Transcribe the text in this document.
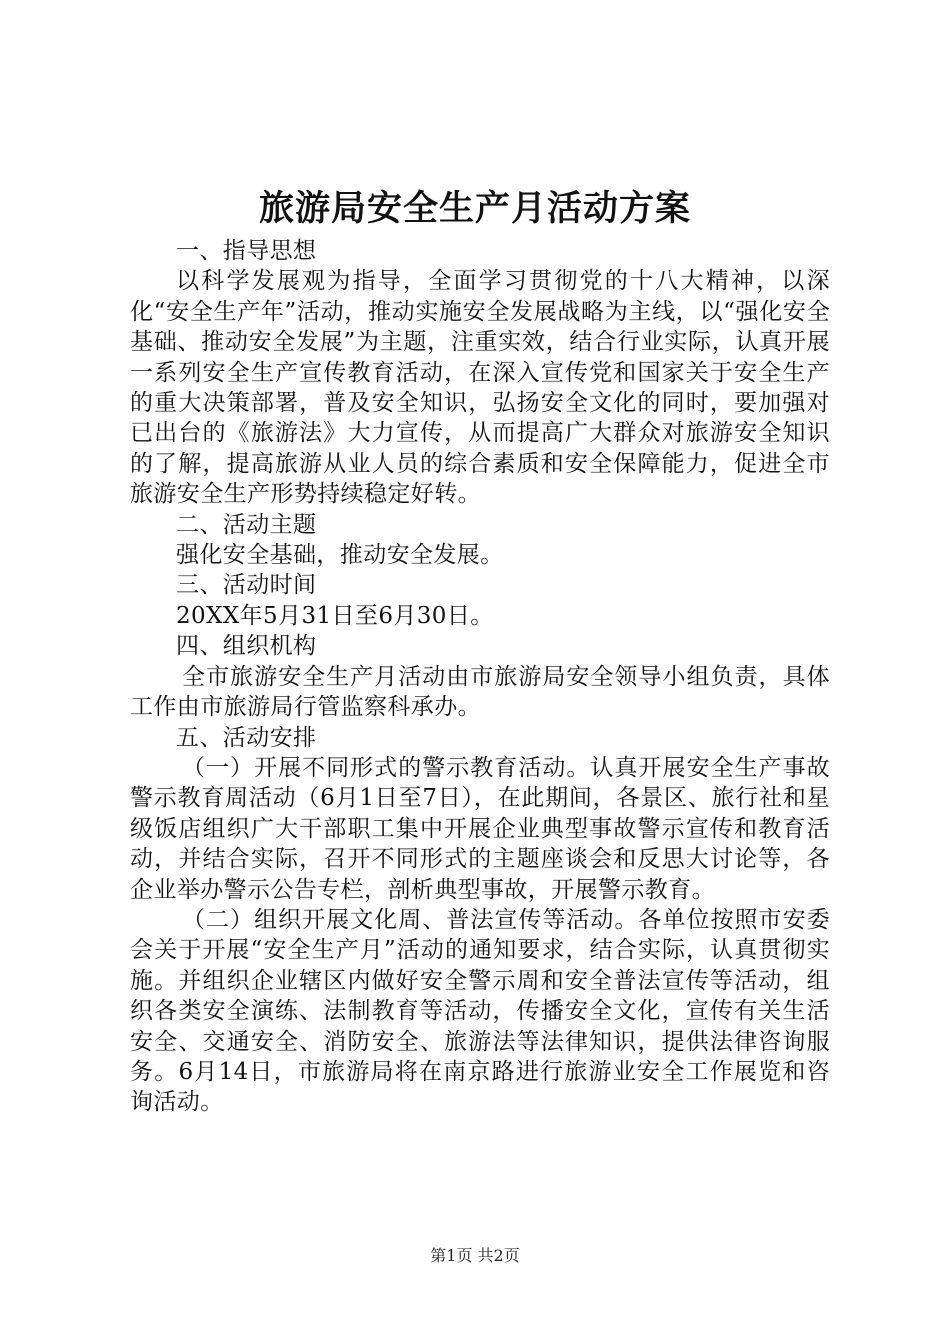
旅游局安全生产月活动方案

一、指导思想

以科学发展观为指导，全面学习贯彻党的十八大精神，以深化“安全生产年”活动，推动实施安全发展战略为主线，以“强化安全基础、推动安全发展”为主题，注重实效，结合行业实际，认真开展一系列安全生产宣传教育活动，在深入宣传党和国家关于安全生产的重大决策部署，普及安全知识，弘扬安全文化的同时，要加强对已出台的《旅游法》大力宣传，从而提高广大群众对旅游安全知识的了解，提高旅游从业人员的综合素质和安全保障能力，促进全市旅游安全生产形势持续稳定好转。

二、活动主题

强化安全基础，推动安全发展。

三、活动时间

20XX年5月31日至6月30日。

四、组织机构

全市旅游安全生产月活动由市旅游局安全领导小组负责，具体工作由市旅游局行管监察科承办。

五、活动安排

（一）开展不同形式的警示教育活动。认真开展安全生产事故警示教育周活动（6月1日至7日），在此期间，各景区、旅行社和星级饭店组织广大干部职工集中开展企业典型事故警示宣传和教育活动，并结合实际，召开不同形式的主题座谈会和反思大讨论等，各企业举办警示公告专栏，剖析典型事故，开展警示教育。

（二）组织开展文化周、普法宣传等活动。各单位按照市安委会关于开展“安全生产月”活动的通知要求，结合实际，认真贯彻实施。并组织企业辖区内做好安全警示周和安全普法宣传等活动，组织各类安全演练、法制教育等活动，传播安全文化，宣传有关生活安全、交通安全、消防安全、旅游法等法律知识，提供法律咨询服务。6月14日，市旅游局将在南京路进行旅游业安全工作展览和咨询活动。

第1页 共2页
